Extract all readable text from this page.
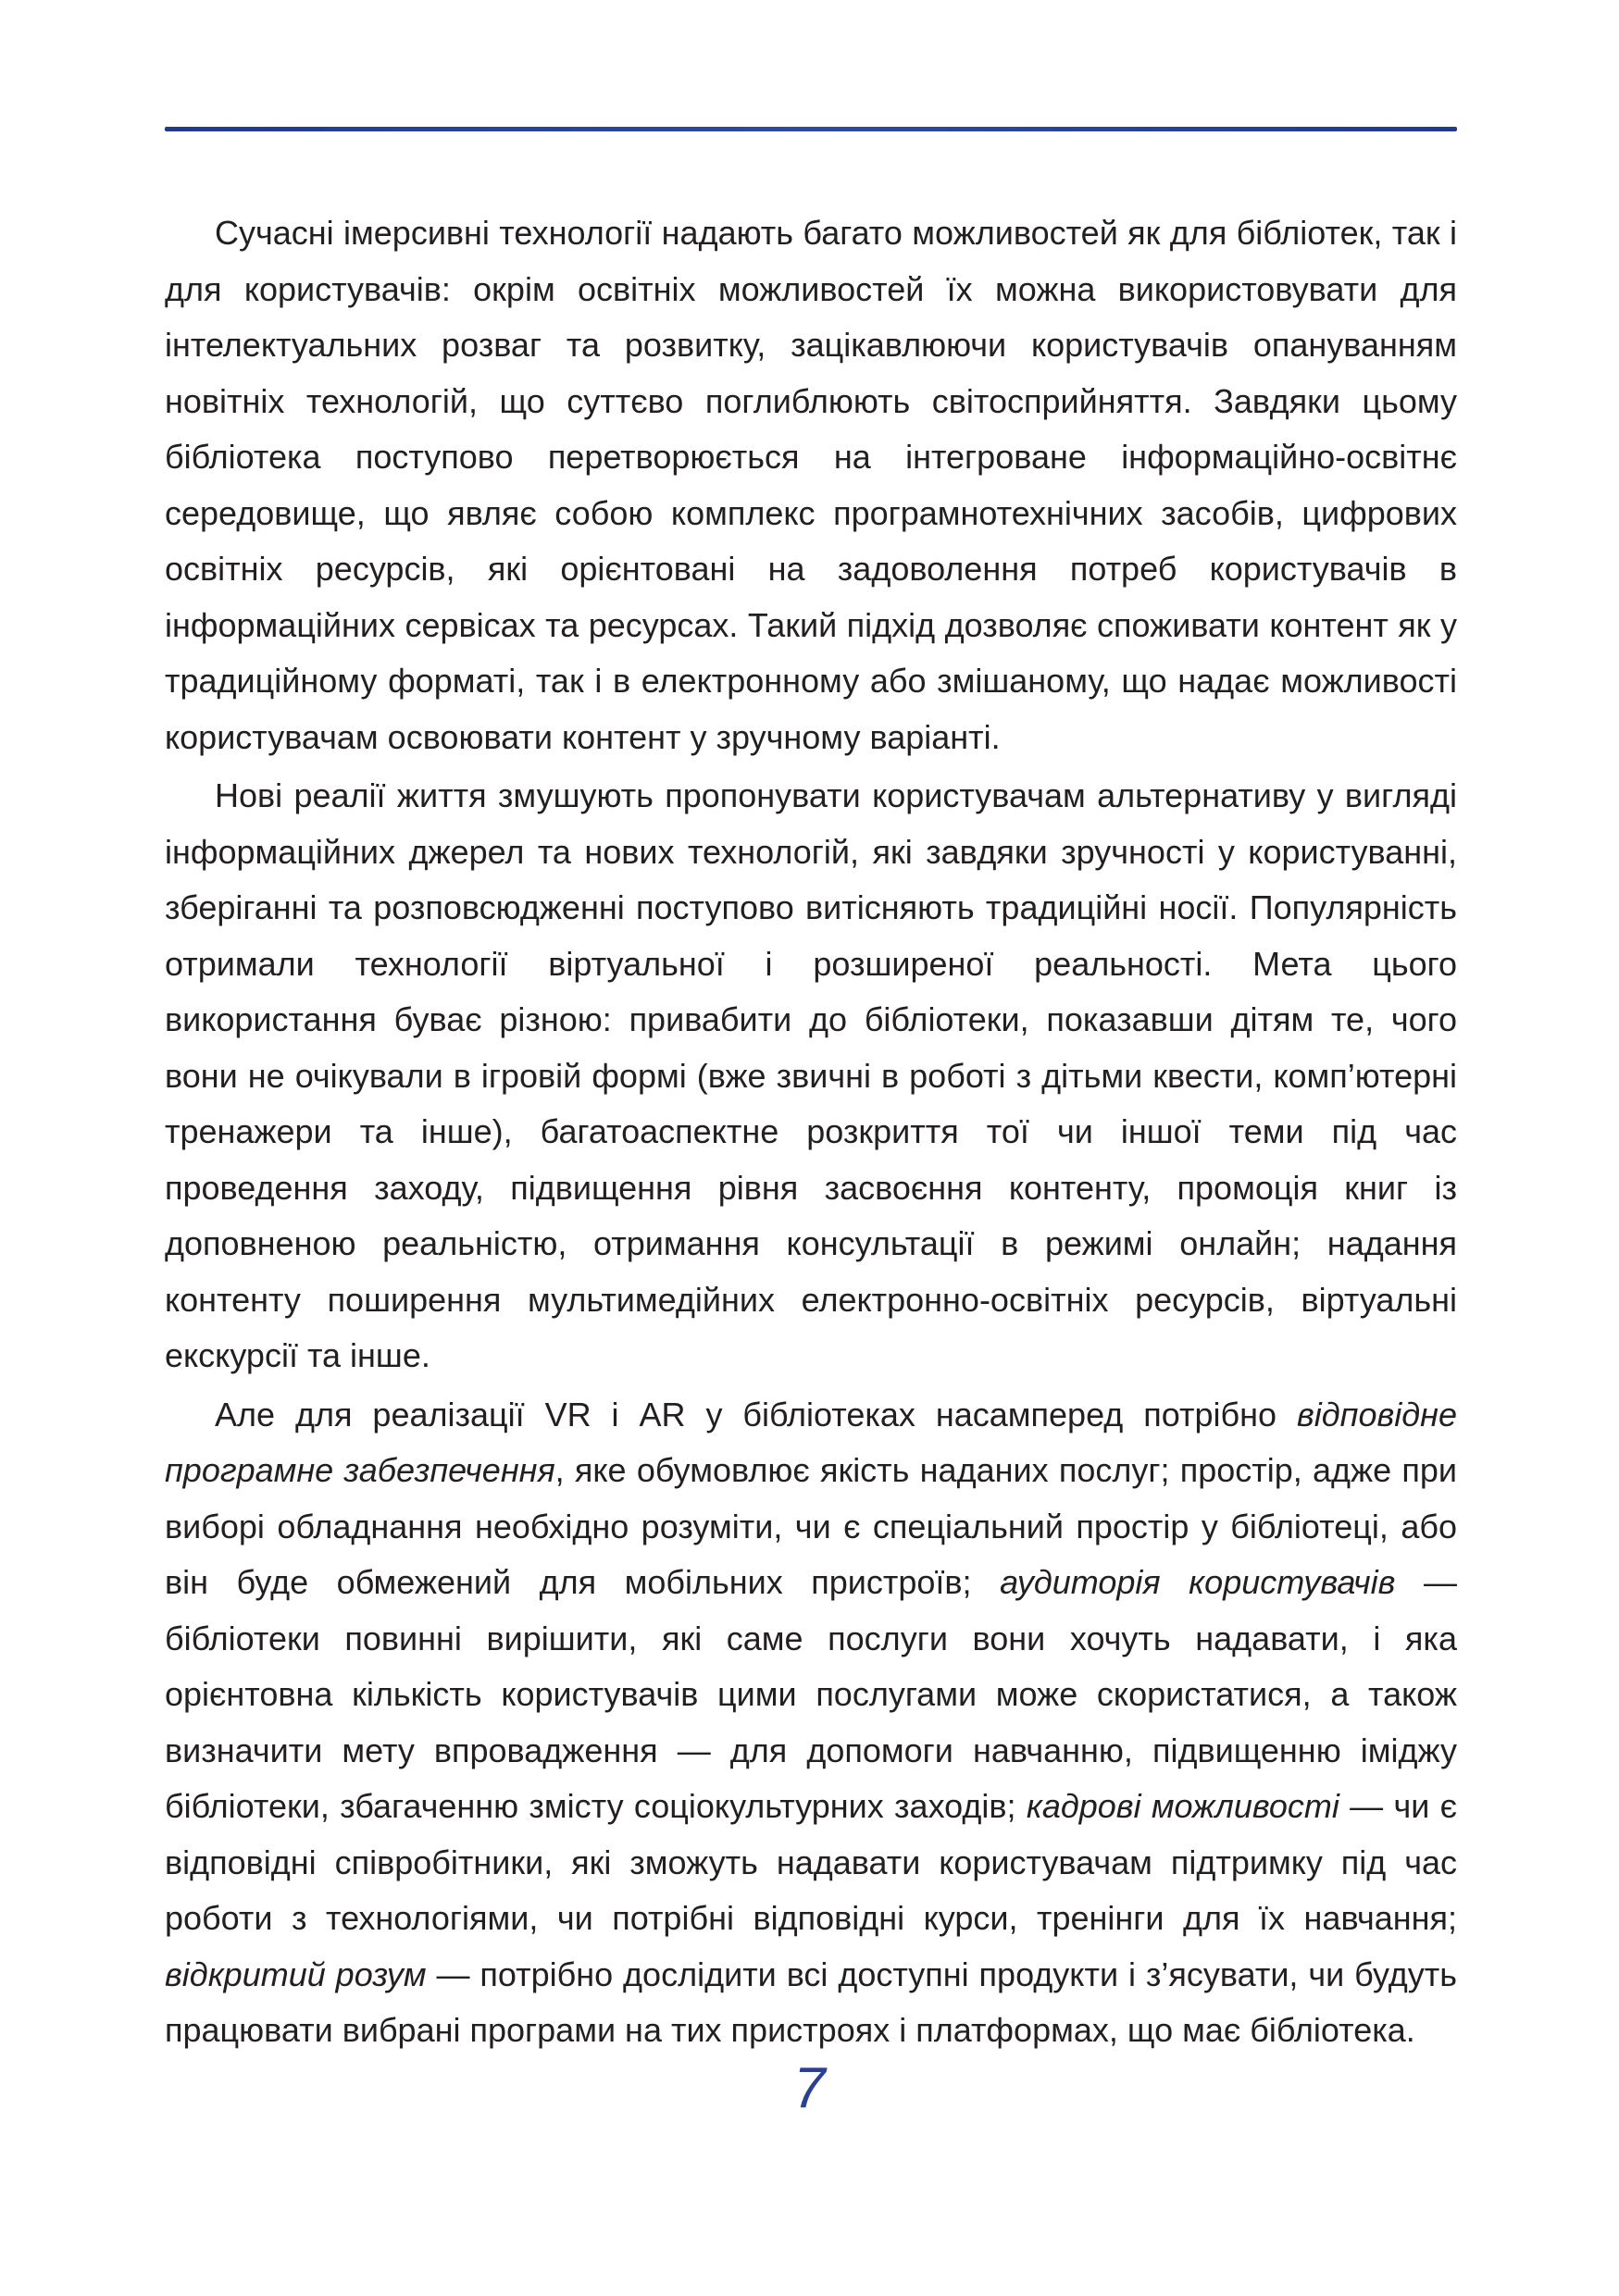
Сучасні імерсивні технології надають багато можливостей як для бібліотек, так і для користувачів: окрім освітніх можливостей їх можна використовувати для інтелектуальних розваг та розвитку, зацікавлюючи користувачів опануванням новітніх технологій, що суттєво поглиблюють світосприйняття. Завдяки цьому бібліотека поступово перетворюється на інтегроване інформаційно-освітнє середовище, що являє собою комплекс програмнотехнічних засобів, цифрових освітніх ресурсів, які орієнтовані на задоволення потреб користувачів в інформаційних сервісах та ресурсах. Такий підхід дозволяє споживати контент як у традиційному форматі, так і в електронному або змішаному, що надає можливості користувачам освоювати контент у зручному варіанті.

Нові реалії життя змушують пропонувати користувачам альтернативу у вигляді інформаційних джерел та нових технологій, які завдяки зручності у користуванні, зберіганні та розповсюдженні поступово витісняють традиційні носії. Популярність отримали технології віртуальної і розширеної реальності. Мета цього використання буває різною: привабити до бібліотеки, показавши дітям те, чого вони не очікували в ігровій формі (вже звичні в роботі з дітьми квести, комп’ютерні тренажери та інше), багатоаспектне розкриття тої чи іншої теми під час проведення заходу, підвищення рівня засвоєння контенту, промоція книг із доповненою реальністю, отримання консультації в режимі онлайн; надання контенту поширення мультимедійних електронно-освітніх ресурсів, віртуальні екскурсії та інше.

Але для реалізації VR і AR у бібліотеках насамперед потрібно відповідне програмне забезпечення, яке обумовлює якість наданих послуг; простір, адже при виборі обладнання необхідно розуміти, чи є спеціальний простір у бібліотеці, або він буде обмежений для мобільних пристроїв; аудиторія користувачів — бібліотеки повинні вирішити, які саме послуги вони хочуть надавати, і яка орієнтовна кількість користувачів цими послугами може скористатися, а також визначити мету впровадження — для допомоги навчанню, підвищенню іміджу бібліотеки, збагаченню змісту соціокультурних заходів; кадрові можливості — чи є відповідні співробітники, які зможуть надавати користувачам підтримку під час роботи з технологіями, чи потрібні відповідні курси, тренінги для їх навчання; відкритий розум — потрібно дослідити всі доступні продукти і з’ясувати, чи будуть працювати вибрані програми на тих пристроях і платформах, що має бібліотека.

7
